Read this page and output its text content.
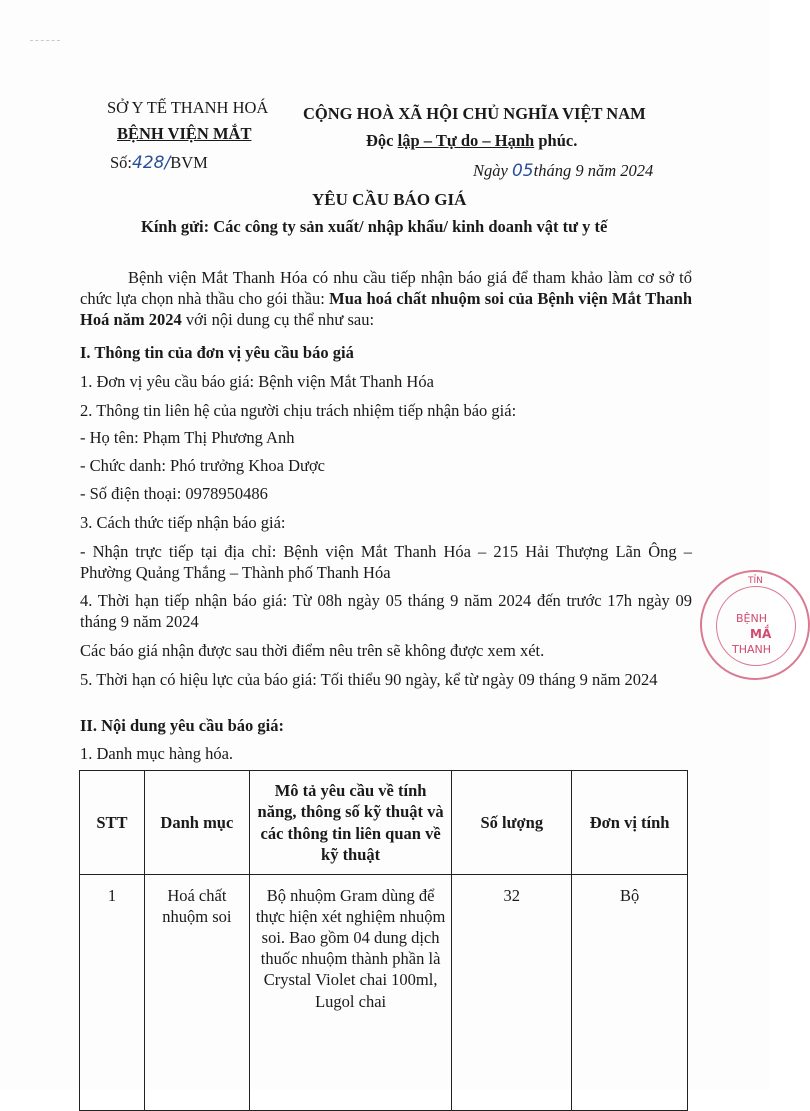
SỞ Y TẾ THANH HOÁ
BỆNH VIỆN MẮT
Số:428/BVM
CỘNG HOÀ XÃ HỘI CHỦ NGHĨA VIỆT NAM
Độc lập – Tự do – Hạnh phúc.
Ngày 05tháng 9 năm 2024
YÊU CẦU BÁO GIÁ
Kính gửi: Các công ty sản xuất/ nhập khẩu/ kinh doanh vật tư y tế
Bệnh viện Mắt Thanh Hóa có nhu cầu tiếp nhận báo giá để tham khảo làm cơ sở tổ chức lựa chọn nhà thầu cho gói thầu: Mua hoá chất nhuộm soi của Bệnh viện Mắt Thanh Hoá năm 2024 với nội dung cụ thể như sau:
I. Thông tin của đơn vị yêu cầu báo giá
1. Đơn vị yêu cầu báo giá: Bệnh viện Mắt Thanh Hóa
2. Thông tin liên hệ của người chịu trách nhiệm tiếp nhận báo giá:
- Họ tên: Phạm Thị Phương Anh
- Chức danh: Phó trưởng Khoa Dược
- Số điện thoại: 0978950486
3. Cách thức tiếp nhận báo giá:
- Nhận trực tiếp tại địa chỉ: Bệnh viện Mắt Thanh Hóa – 215 Hải Thượng Lãn Ông – Phường Quảng Thắng – Thành phố Thanh Hóa
4. Thời hạn tiếp nhận báo giá: Từ 08h ngày 05 tháng 9 năm 2024 đến trước 17h ngày 09 tháng 9 năm 2024
Các báo giá nhận được sau thời điểm nêu trên sẽ không được xem xét.
5. Thời hạn có hiệu lực của báo giá: Tối thiểu 90 ngày, kể từ ngày 09 tháng 9 năm 2024
II. Nội dung yêu cầu báo giá:
1. Danh mục hàng hóa.
STT	Danh mục	Mô tả yêu cầu về tính năng, thông số kỹ thuật và các thông tin liên quan về kỹ thuật	Số lượng	Đơn vị tính
1	Hoá chất nhuộm soi	Bộ nhuộm Gram dùng để thực hiện xét nghiệm nhuộm soi. Bao gồm 04 dung dịch thuốc nhuộm thành phần là Crystal Violet chai 100ml, Lugol chai	32	Bộ
TỈN
BỆNH
MẮ
THANH
